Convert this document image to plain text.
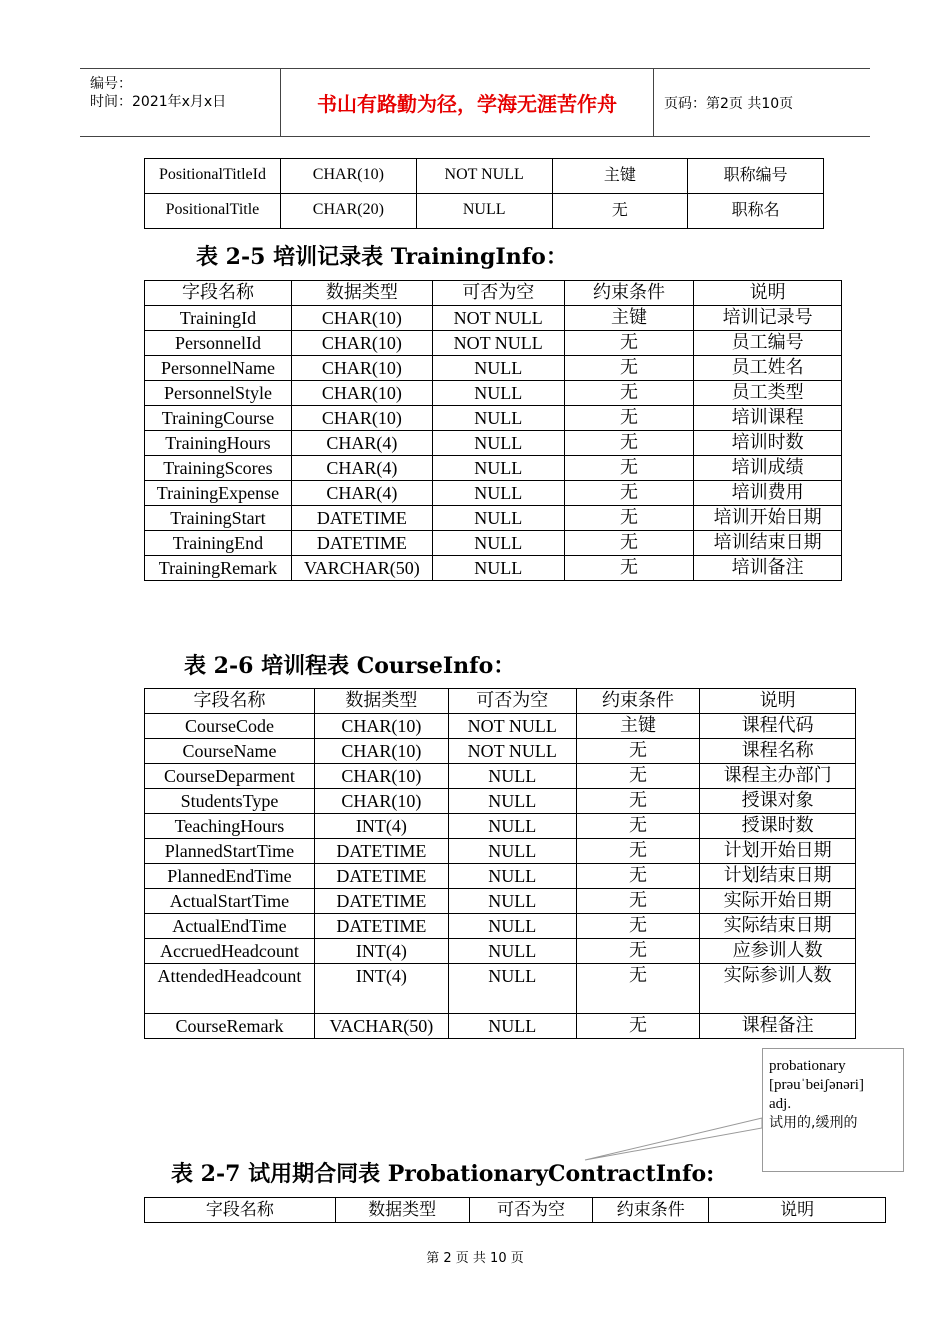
编号：
时间：2021年x月x日	书山有路勤为径，学海无涯苦作舟	页码：第2页 共10页
PositionalTitleId	CHAR(10)	NOT NULL	主键	职称编号
PositionalTitle	CHAR(20)	NULL	无	职称名
表 2-5 培训记录表 TrainingInfo：
字段名称	数据类型	可否为空	约束条件	说明
TrainingId	CHAR(10)	NOT NULL	主键	培训记录号
PersonnelId	CHAR(10)	NOT NULL	无	员工编号
PersonnelName	CHAR(10)	NULL	无	员工姓名
PersonnelStyle	CHAR(10)	NULL	无	员工类型
TrainingCourse	CHAR(10)	NULL	无	培训课程
TrainingHours	CHAR(4)	NULL	无	培训时数
TrainingScores	CHAR(4)	NULL	无	培训成绩
TrainingExpense	CHAR(4)	NULL	无	培训费用
TrainingStart	DATETIME	NULL	无	培训开始日期
TrainingEnd	DATETIME	NULL	无	培训结束日期
TrainingRemark	VARCHAR(50)	NULL	无	培训备注
表 2-6 培训程表 CourseInfo：
字段名称	数据类型	可否为空	约束条件	说明
CourseCode	CHAR(10)	NOT NULL	主键	课程代码
CourseName	CHAR(10)	NOT NULL	无	课程名称
CourseDeparment	CHAR(10)	NULL	无	课程主办部门
StudentsType	CHAR(10)	NULL	无	授课对象
TeachingHours	INT(4)	NULL	无	授课时数
PlannedStartTime	DATETIME	NULL	无	计划开始日期
PlannedEndTime	DATETIME	NULL	无	计划结束日期
ActualStartTime	DATETIME	NULL	无	实际开始日期
ActualEndTime	DATETIME	NULL	无	实际结束日期
AccruedHeadcount	INT(4)	NULL	无	应参训人数
AttendedHeadcount	INT(4)	NULL	无	实际参训人数
CourseRemark	VACHAR(50)	NULL	无	课程备注
probationary
[prəuˈbeiʃənəri]
adj.
试用的,缓刑的
表 2-7 试用期合同表 ProbationaryContractInfo:
字段名称	数据类型	可否为空	约束条件	说明
第 2 页 共 10 页
